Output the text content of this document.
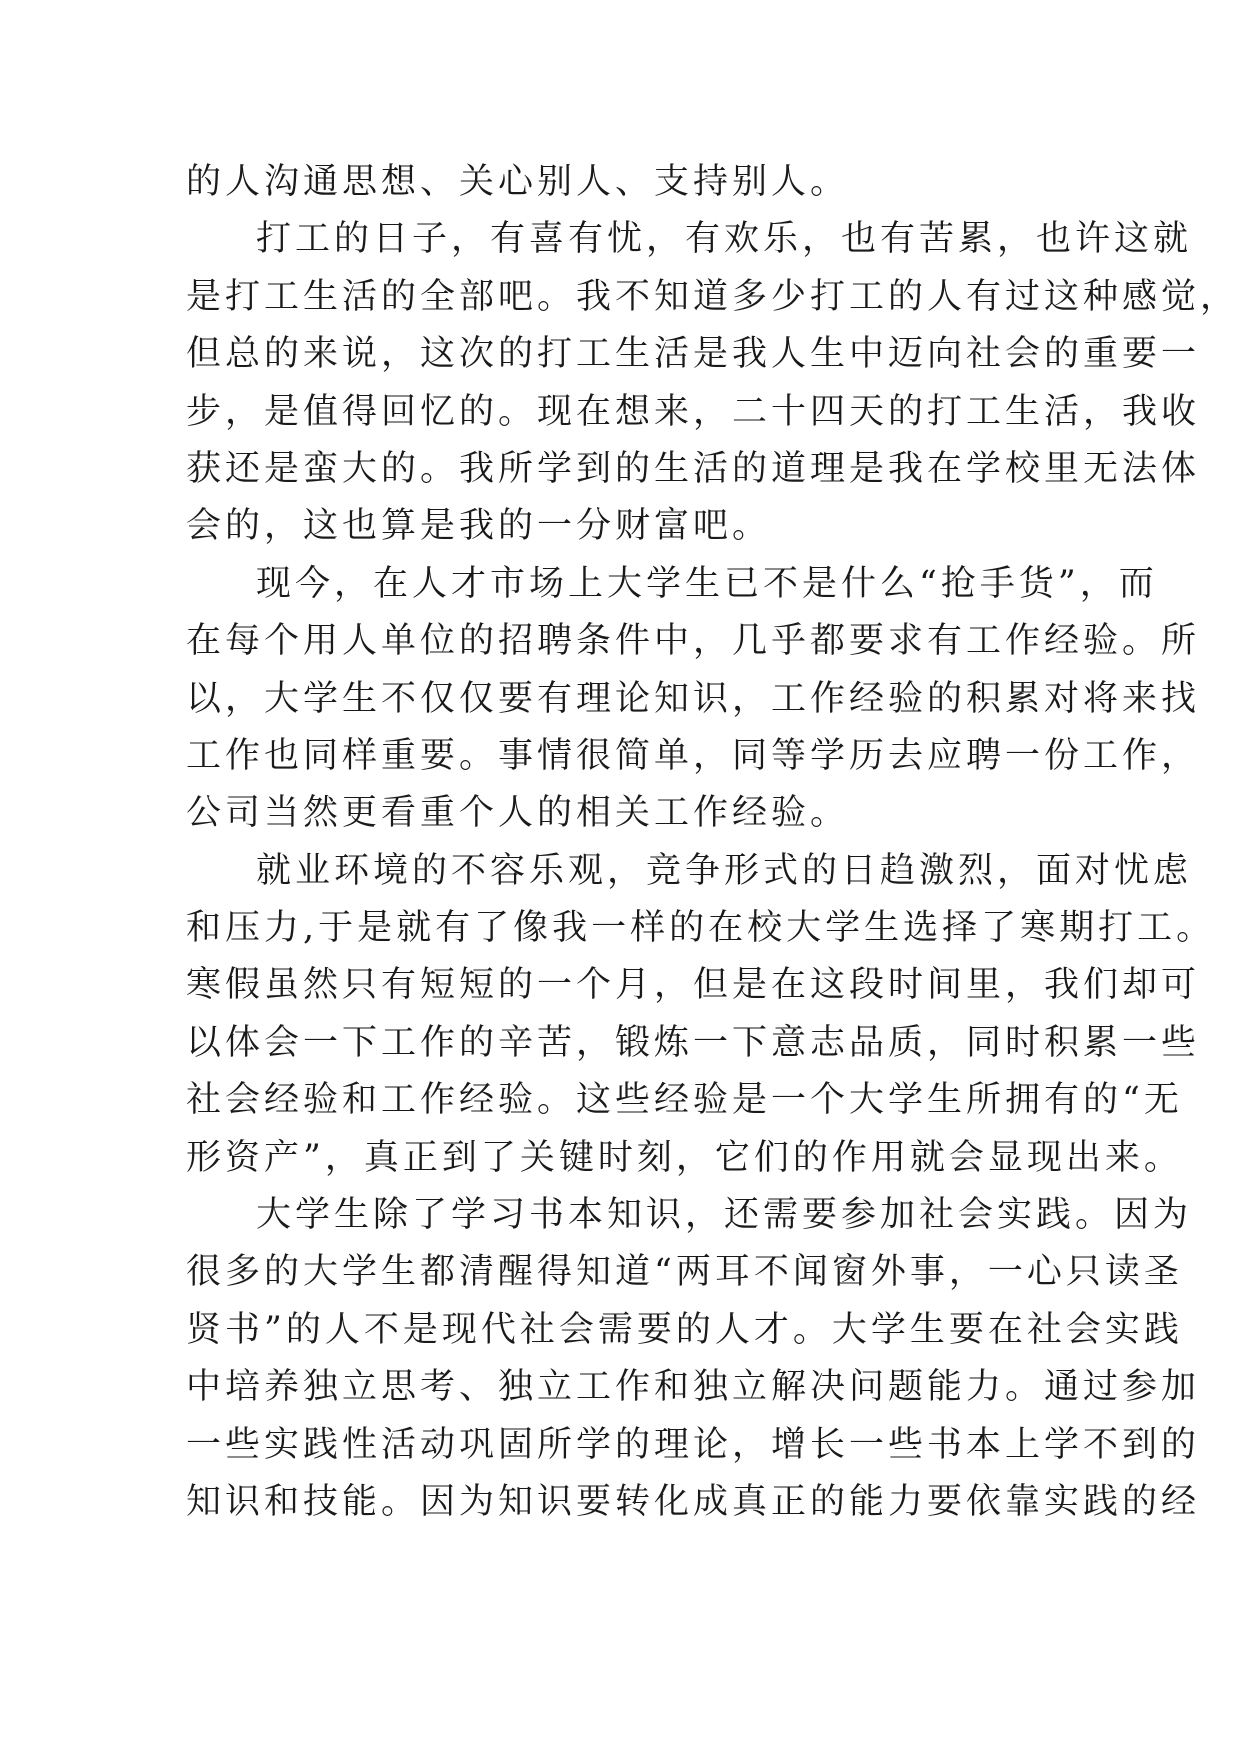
的人沟通思想、关心别人、支持别人。
打工的日子，有喜有忧，有欢乐，也有苦累，也许这就
是打工生活的全部吧。我不知道多少打工的人有过这种感觉，
但总的来说，这次的打工生活是我人生中迈向社会的重要一
步，是值得回忆的。现在想来，二十四天的打工生活，我收
获还是蛮大的。我所学到的生活的道理是我在学校里无法体
会的，这也算是我的一分财富吧。
现今，在人才市场上大学生已不是什么“抢手货”，而
在每个用人单位的招聘条件中，几乎都要求有工作经验。所
以，大学生不仅仅要有理论知识，工作经验的积累对将来找
工作也同样重要。事情很简单，同等学历去应聘一份工作，
公司当然更看重个人的相关工作经验。
就业环境的不容乐观，竞争形式的日趋激烈，面对忧虑
和压力,于是就有了像我一样的在校大学生选择了寒期打工。
寒假虽然只有短短的一个月，但是在这段时间里，我们却可
以体会一下工作的辛苦，锻炼一下意志品质，同时积累一些
社会经验和工作经验。这些经验是一个大学生所拥有的“无
形资产”，真正到了关键时刻，它们的作用就会显现出来。
大学生除了学习书本知识，还需要参加社会实践。因为
很多的大学生都清醒得知道“两耳不闻窗外事，一心只读圣
贤书”的人不是现代社会需要的人才。大学生要在社会实践
中培养独立思考、独立工作和独立解决问题能力。通过参加
一些实践性活动巩固所学的理论，增长一些书本上学不到的
知识和技能。因为知识要转化成真正的能力要依靠实践的经
